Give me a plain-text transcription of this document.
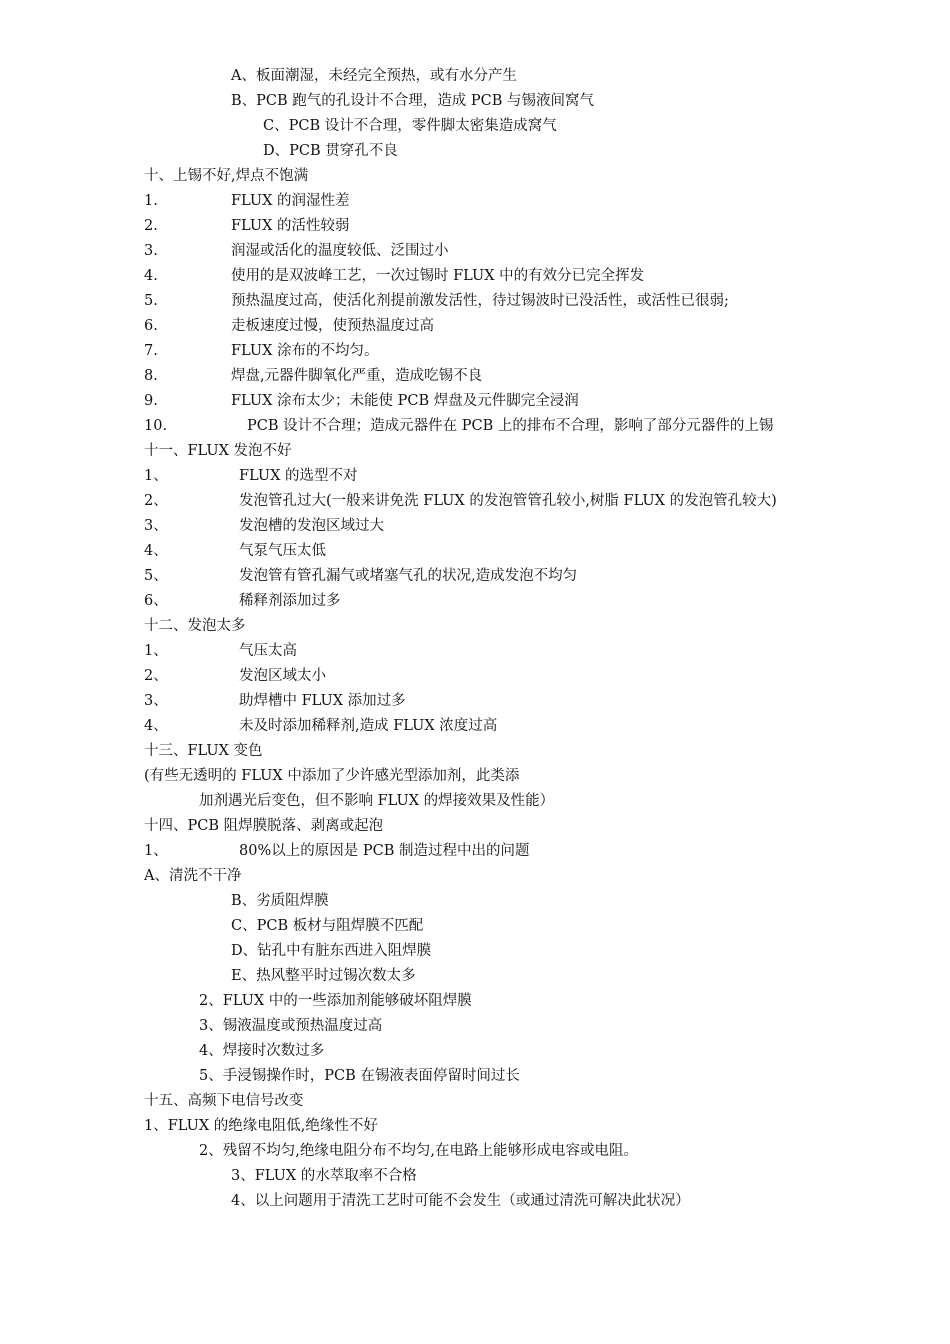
A、板面潮湿，未经完全预热，或有水分产生
B、PCB 跑气的孔设计不合理，造成 PCB 与锡液间窝气
C、PCB 设计不合理，零件脚太密集造成窝气
D、PCB 贯穿孔不良
十、上锡不好,焊点不饱满
1.	FLUX 的润湿性差
2.	FLUX 的活性较弱
3.	润湿或活化的温度较低、泛围过小
4.	使用的是双波峰工艺，一次过锡时 FLUX 中的有效分已完全挥发
5.	预热温度过高，使活化剂提前激发活性，待过锡波时已没活性，或活性已很弱;
6.	走板速度过慢，使预热温度过高
7.	FLUX 涂布的不均匀。
8.	焊盘,元器件脚氧化严重，造成吃锡不良
9.	FLUX 涂布太少；未能使 PCB 焊盘及元件脚完全浸润
10.	PCB 设计不合理；造成元器件在 PCB 上的排布不合理，影响了部分元器件的上锡
十一、FLUX 发泡不好
1、	FLUX 的选型不对
2、	发泡管孔过大(一般来讲免洗 FLUX 的发泡管管孔较小,树脂 FLUX 的发泡管孔较大)
3、	发泡槽的发泡区域过大
4、	气泵气压太低
5、	发泡管有管孔漏气或堵塞气孔的状况,造成发泡不均匀
6、	稀释剂添加过多
十二、发泡太多
1、	气压太高
2、	发泡区域太小
3、	助焊槽中 FLUX 添加过多
4、	未及时添加稀释剂,造成 FLUX 浓度过高
十三、FLUX 变色
(有些无透明的 FLUX 中添加了少许感光型添加剂，此类添
加剂遇光后变色，但不影响 FLUX 的焊接效果及性能）
十四、PCB 阻焊膜脱落、剥离或起泡
1、	80%以上的原因是 PCB 制造过程中出的问题
A、清洗不干净
B、劣质阻焊膜
C、PCB 板材与阻焊膜不匹配
D、钻孔中有脏东西进入阻焊膜
E、热风整平时过锡次数太多
2、FLUX 中的一些添加剂能够破坏阻焊膜
3、锡液温度或预热温度过高
4、焊接时次数过多
5、手浸锡操作时，PCB 在锡液表面停留时间过长
十五、高频下电信号改变
1、FLUX 的绝缘电阻低,绝缘性不好
2、残留不均匀,绝缘电阻分布不均匀,在电路上能够形成电容或电阻。
3、FLUX 的水萃取率不合格
4、以上问题用于清洗工艺时可能不会发生（或通过清洗可解决此状况）
